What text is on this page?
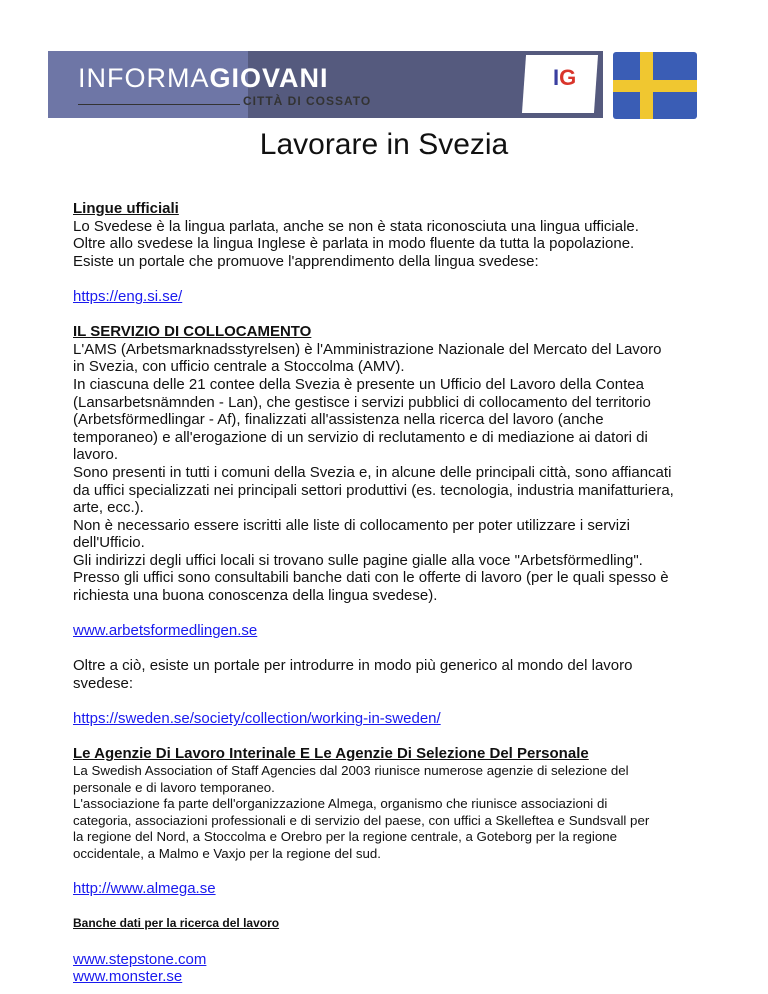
INFORMAGIOVANI
CITTÀ DI COSSATO
IG
Lavorare in Svezia

Lingue ufficiali

Lo Svedese è la lingua parlata, anche se non è stata riconosciuta una lingua ufficiale.
Oltre allo svedese la lingua Inglese è parlata in modo fluente da tutta la popolazione.
Esiste un portale che promuove l'apprendimento della lingua svedese:

https://eng.si.se/

IL SERVIZIO DI COLLOCAMENTO

L'AMS (Arbetsmarknadsstyrelsen) è l'Amministrazione Nazionale del Mercato del Lavoro
in Svezia, con ufficio centrale a Stoccolma (AMV).
In ciascuna delle 21 contee della Svezia è presente un Ufficio del Lavoro della Contea
(Lansarbetsnämnden - Lan), che gestisce i servizi pubblici di collocamento del territorio
(Arbetsförmedlingar - Af), finalizzati all'assistenza nella ricerca del lavoro (anche
temporaneo) e all'erogazione di un servizio di reclutamento e di mediazione ai datori di
lavoro.
Sono presenti in tutti i comuni della Svezia e, in alcune delle principali città, sono affiancati
da uffici specializzati nei principali settori produttivi (es. tecnologia, industria manifatturiera,
arte, ecc.).
Non è necessario essere iscritti alle liste di collocamento per poter utilizzare i servizi
dell'Ufficio.
Gli indirizzi degli uffici locali si trovano sulle pagine gialle alla voce "Arbetsförmedling".
Presso gli uffici sono consultabili banche dati con le offerte di lavoro (per le quali spesso è
richiesta una buona conoscenza della lingua svedese).

www.arbetsformedlingen.se

Oltre a ciò, esiste un portale per introdurre in modo più generico al mondo del lavoro
svedese:

https://sweden.se/society/collection/working-in-sweden/

Le Agenzie Di Lavoro Interinale E Le Agenzie Di Selezione Del Personale

La Swedish Association of Staff Agencies dal 2003 riunisce numerose agenzie di selezione del
personale e di lavoro temporaneo.
L'associazione fa parte dell'organizzazione Almega, organismo che riunisce associazioni di
categoria, associazioni professionali e di servizio del paese, con uffici a Skelleftea e Sundsvall per
la regione del Nord, a Stoccolma e Orebro per la regione centrale, a Goteborg per la regione
occidentale, a Malmo e Vaxjo per la regione del sud.

http://www.almega.se

Banche dati per la ricerca del lavoro

www.stepstone.com

www.monster.se
